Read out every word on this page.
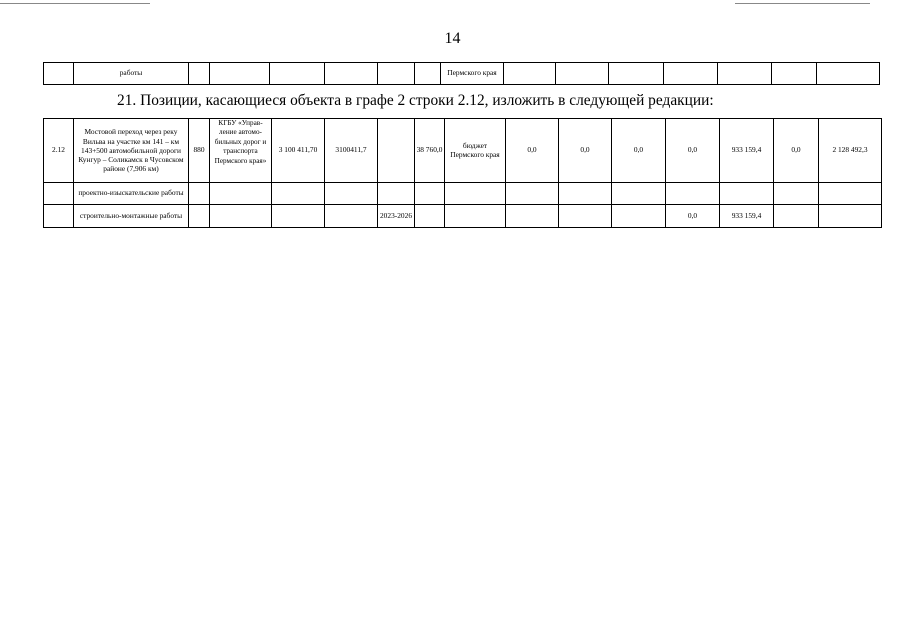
14
	работы							Пермского края							
21. Позиции, касающиеся объекта в графе 2 строки 2.12, изложить в следующей редакции:
2.12	Мостовой переход через реку Вильва на участке км 141 – км 143+500 автомобильной дороги Кунгур – Соликамск в Чусовском районе (7,906 км)	880	КГБУ «Управ-ление автомо-бильных дорог и транспорта Пермского края»	3 100 411,70	3100411,7		38 760,0	бюджет Пермского края	0,0	0,0	0,0	0,0	933 159,4	0,0	2 128 492,3
	проектно-изыскательские работы														
	строительно-монтажные работы					2023-2026						0,0	933 159,4		
